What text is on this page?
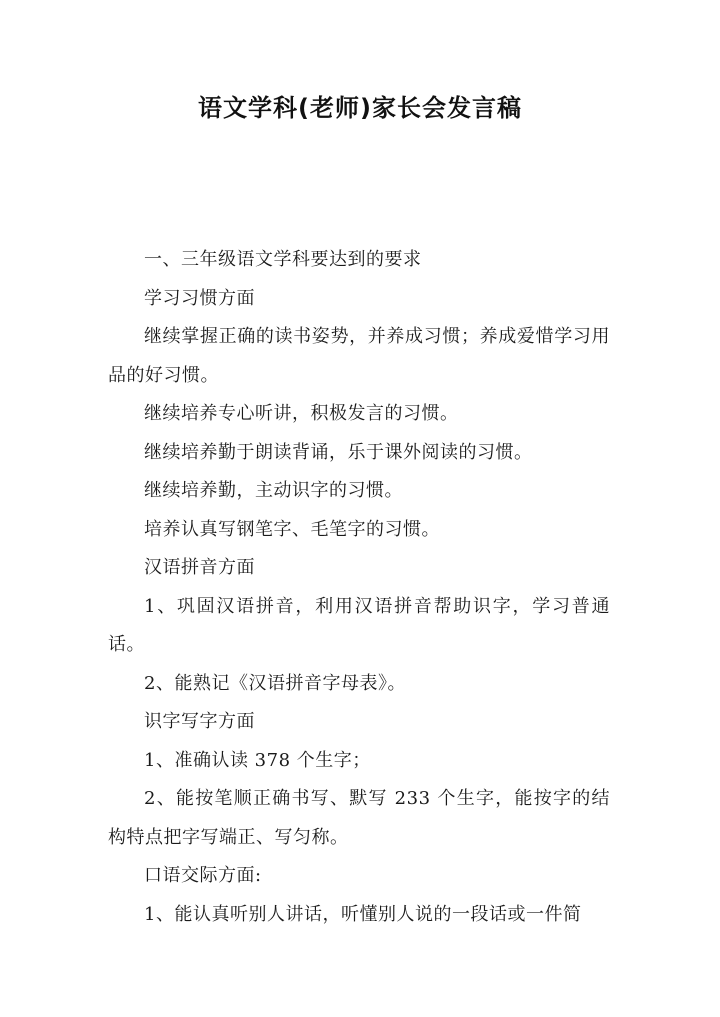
语文学科(老师)家长会发言稿

一、三年级语文学科要达到的要求

学习习惯方面

继续掌握正确的读书姿势，并养成习惯；养成爱惜学习用品的好习惯。

继续培养专心听讲，积极发言的习惯。

继续培养勤于朗读背诵，乐于课外阅读的习惯。

继续培养勤，主动识字的习惯。

培养认真写钢笔字、毛笔字的习惯。

汉语拼音方面

1、巩固汉语拼音，利用汉语拼音帮助识字，学习普通话。

2、能熟记《汉语拼音字母表》。

识字写字方面

1、准确认读 378 个生字；

2、能按笔顺正确书写、默写 233 个生字，能按字的结构特点把字写端正、写匀称。

口语交际方面:

1、能认真听别人讲话，听懂别人说的一段话或一件简
